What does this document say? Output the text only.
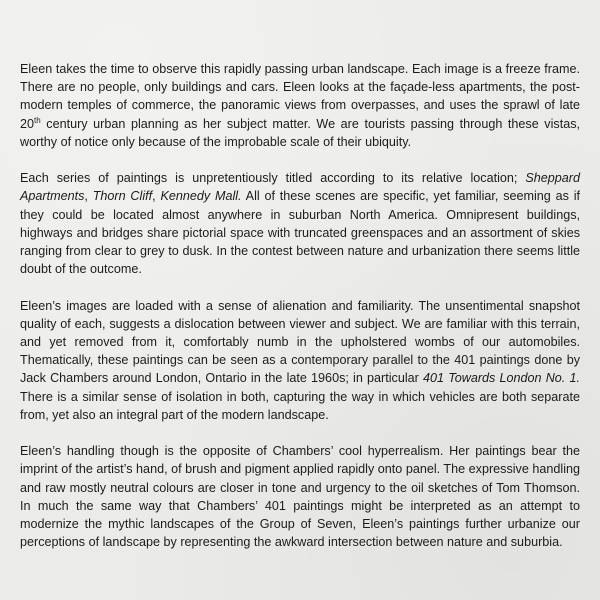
Eleen takes the time to observe this rapidly passing urban landscape. Each image is a freeze frame. There are no people, only buildings and cars. Eleen looks at the façade-less apartments, the post-modern temples of commerce, the panoramic views from overpasses, and uses the sprawl of late 20th century urban planning as her subject matter. We are tourists passing through these vistas, worthy of notice only because of the improbable scale of their ubiquity.

Each series of paintings is unpretentiously titled according to its relative location; Sheppard Apartments, Thorn Cliff, Kennedy Mall. All of these scenes are specific, yet familiar, seeming as if they could be located almost anywhere in suburban North America. Omnipresent buildings, highways and bridges share pictorial space with truncated greenspaces and an assortment of skies ranging from clear to grey to dusk. In the contest between nature and urbanization there seems little doubt of the outcome.

Eleen’s images are loaded with a sense of alienation and familiarity. The unsentimental snapshot quality of each, suggests a dislocation between viewer and subject. We are familiar with this terrain, and yet removed from it, comfortably numb in the upholstered wombs of our automobiles. Thematically, these paintings can be seen as a contemporary parallel to the 401 paintings done by Jack Chambers around London, Ontario in the late 1960s; in particular 401 Towards London No. 1. There is a similar sense of isolation in both, capturing the way in which vehicles are both separate from, yet also an integral part of the modern landscape.

Eleen’s handling though is the opposite of Chambers’ cool hyperrealism. Her paintings bear the imprint of the artist’s hand, of brush and pigment applied rapidly onto panel. The expressive handling and raw mostly neutral colours are closer in tone and urgency to the oil sketches of Tom Thomson. In much the same way that Chambers’ 401 paintings might be interpreted as an attempt to modernize the mythic landscapes of the Group of Seven, Eleen’s paintings further urbanize our perceptions of landscape by representing the awkward intersection between nature and suburbia.
